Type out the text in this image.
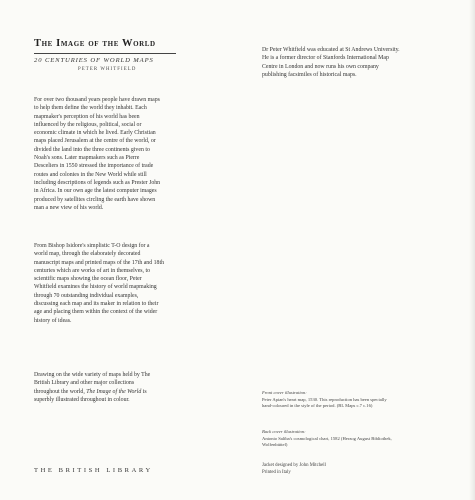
The Image of the World

20 CENTURIES OF WORLD MAPS

PETER WHITFIELD

For over two thousand years people have drawn maps to help them define the world they inhabit. Each mapmaker's perception of his world has been influenced by the religious, political, social or economic climate in which he lived. Early Christian maps placed Jerusalem at the centre of the world, or divided the land into the three continents given to Noah's sons. Later mapmakers such as Pierre Desceliers in 1550 stressed the importance of trade routes and colonies in the New World while still including descriptions of legends such as Prester John in Africa. In our own age the latest computer images produced by satellites circling the earth have shown man a new view of his world.

From Bishop Isidore's simplistic T-O design for a world map, through the elaborately decorated manuscript maps and printed maps of the 17th and 18th centuries which are works of art in themselves, to scientific maps showing the ocean floor, Peter Whitfield examines the history of world mapmaking through 70 outstanding individual examples, discussing each map and its maker in relation to their age and placing them within the context of the wider history of ideas.

Drawing on the wide variety of maps held by The British Library and other major collections throughout the world, The Image of the World is superbly illustrated throughout in colour.

Dr Peter Whitfield was educated at St Andrews University. He is a former director of Stanfords International Map Centre in London and now runs his own company publishing facsimiles of historical maps.

Front cover illustration:
Peter Apian's heart map, 1530. This reproduction has been specially hand-coloured in the style of the period. (BL Maps c.7 c.16)
Back cover illustration:
Antonio Saliba's cosmological chart, 1582 (Herzog August Bibliothek, Wolfenbüttel)
THE BRITISH LIBRARY
Jacket designed by John Mitchell
Printed in Italy
